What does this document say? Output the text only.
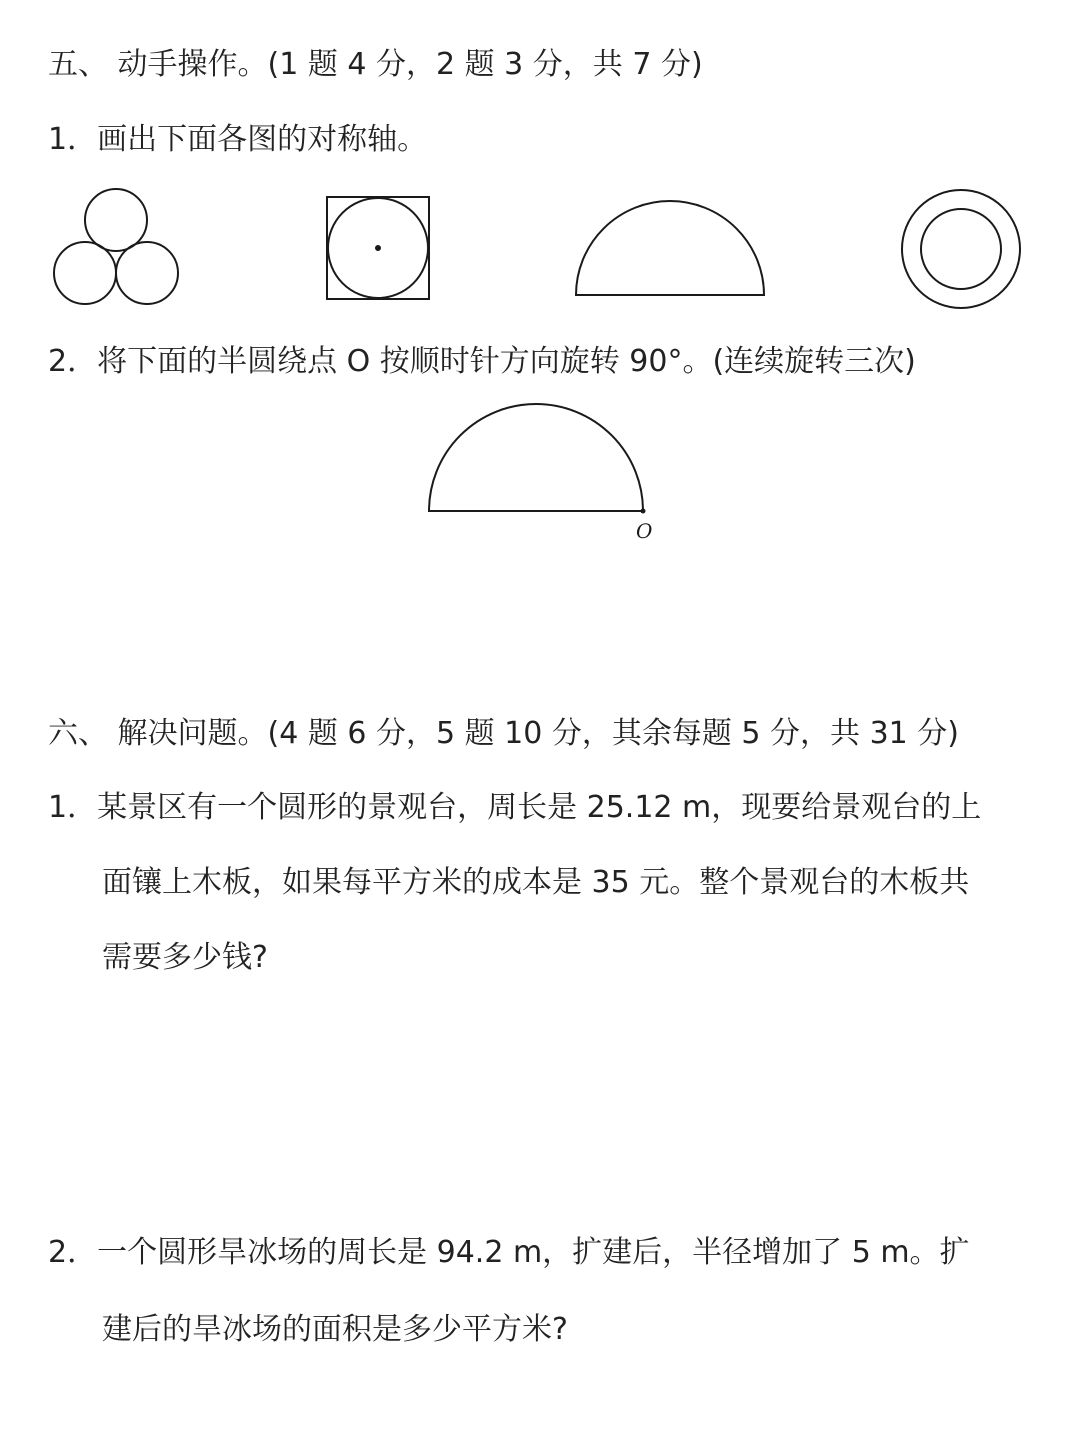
五、 动手操作。(1 题 4 分，2 题 3 分，共 7 分)
1．画出下面各图的对称轴。
2．将下面的半圆绕点 O 按顺时针方向旋转 90°。(连续旋转三次)
O
六、 解决问题。(4 题 6 分，5 题 10 分，其余每题 5 分，共 31 分)
1．某景区有一个圆形的景观台，周长是 25.12 m，现要给景观台的上
面镶上木板，如果每平方米的成本是 35 元。整个景观台的木板共
需要多少钱?
2．一个圆形旱冰场的周长是 94.2 m，扩建后，半径增加了 5 m。扩
建后的旱冰场的面积是多少平方米?
